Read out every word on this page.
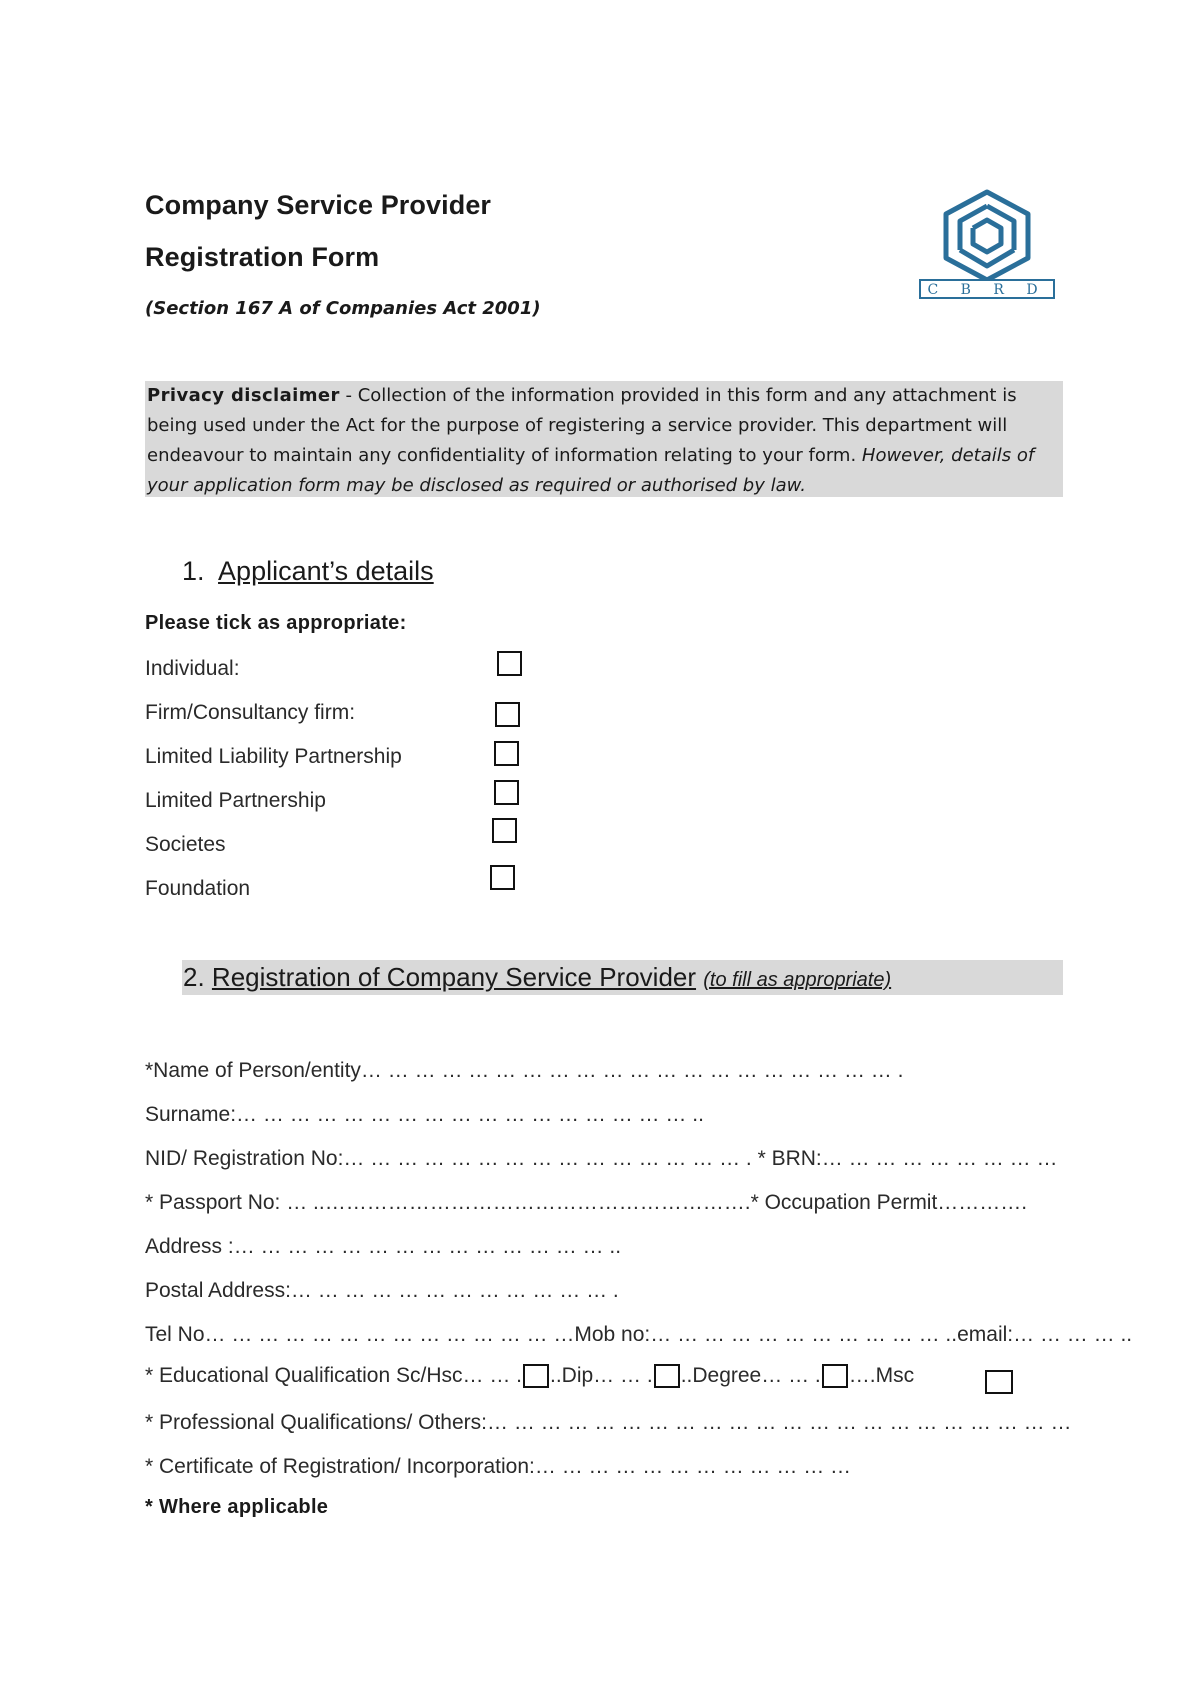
Company Service Provider
Registration Form
(Section 167 A of Companies Act 2001)
C B R D
Privacy disclaimer - Collection of the information provided in this form and any attachment is being used under the Act for the purpose of registering a service provider. This department will endeavour to maintain any confidentiality of information relating to your form. However, details of your application form may be disclosed as required or authorised by law.
1. Applicant’s details
Please tick as appropriate:
Individual:
Firm/Consultancy firm:
Limited Liability Partnership
Limited Partnership
Societes
Foundation
2. Registration of Company Service Provider (to fill as appropriate)
*Name of Person/entity… … … … … … … … … … … … … … … … … … … … .
Surname:… … … … … … … … … … … … … … … … … ..
NID/ Registration No:… … … … … … … … … … … … … … … . * BRN:… … … … … … … … …
* Passport No: … ..…………………………………………………….* Occupation Permit………….
Address :… … … … … … … … … … … … … … ..
Postal Address:… … … … … … … … … … … … .
Tel No… … … … … … … … … … … … … …Mob no:… … … … … … … … … … … ..email:… … … … ..
* Educational Qualification Sc/Hsc… … . ..Dip… … . ..Degree… … . ….Msc
* Professional Qualifications/ Others:… … … … … … … … … … … … … … … … … … … … … …
* Certificate of Registration/ Incorporation:… … … … … … … … … … … …
* Where applicable
